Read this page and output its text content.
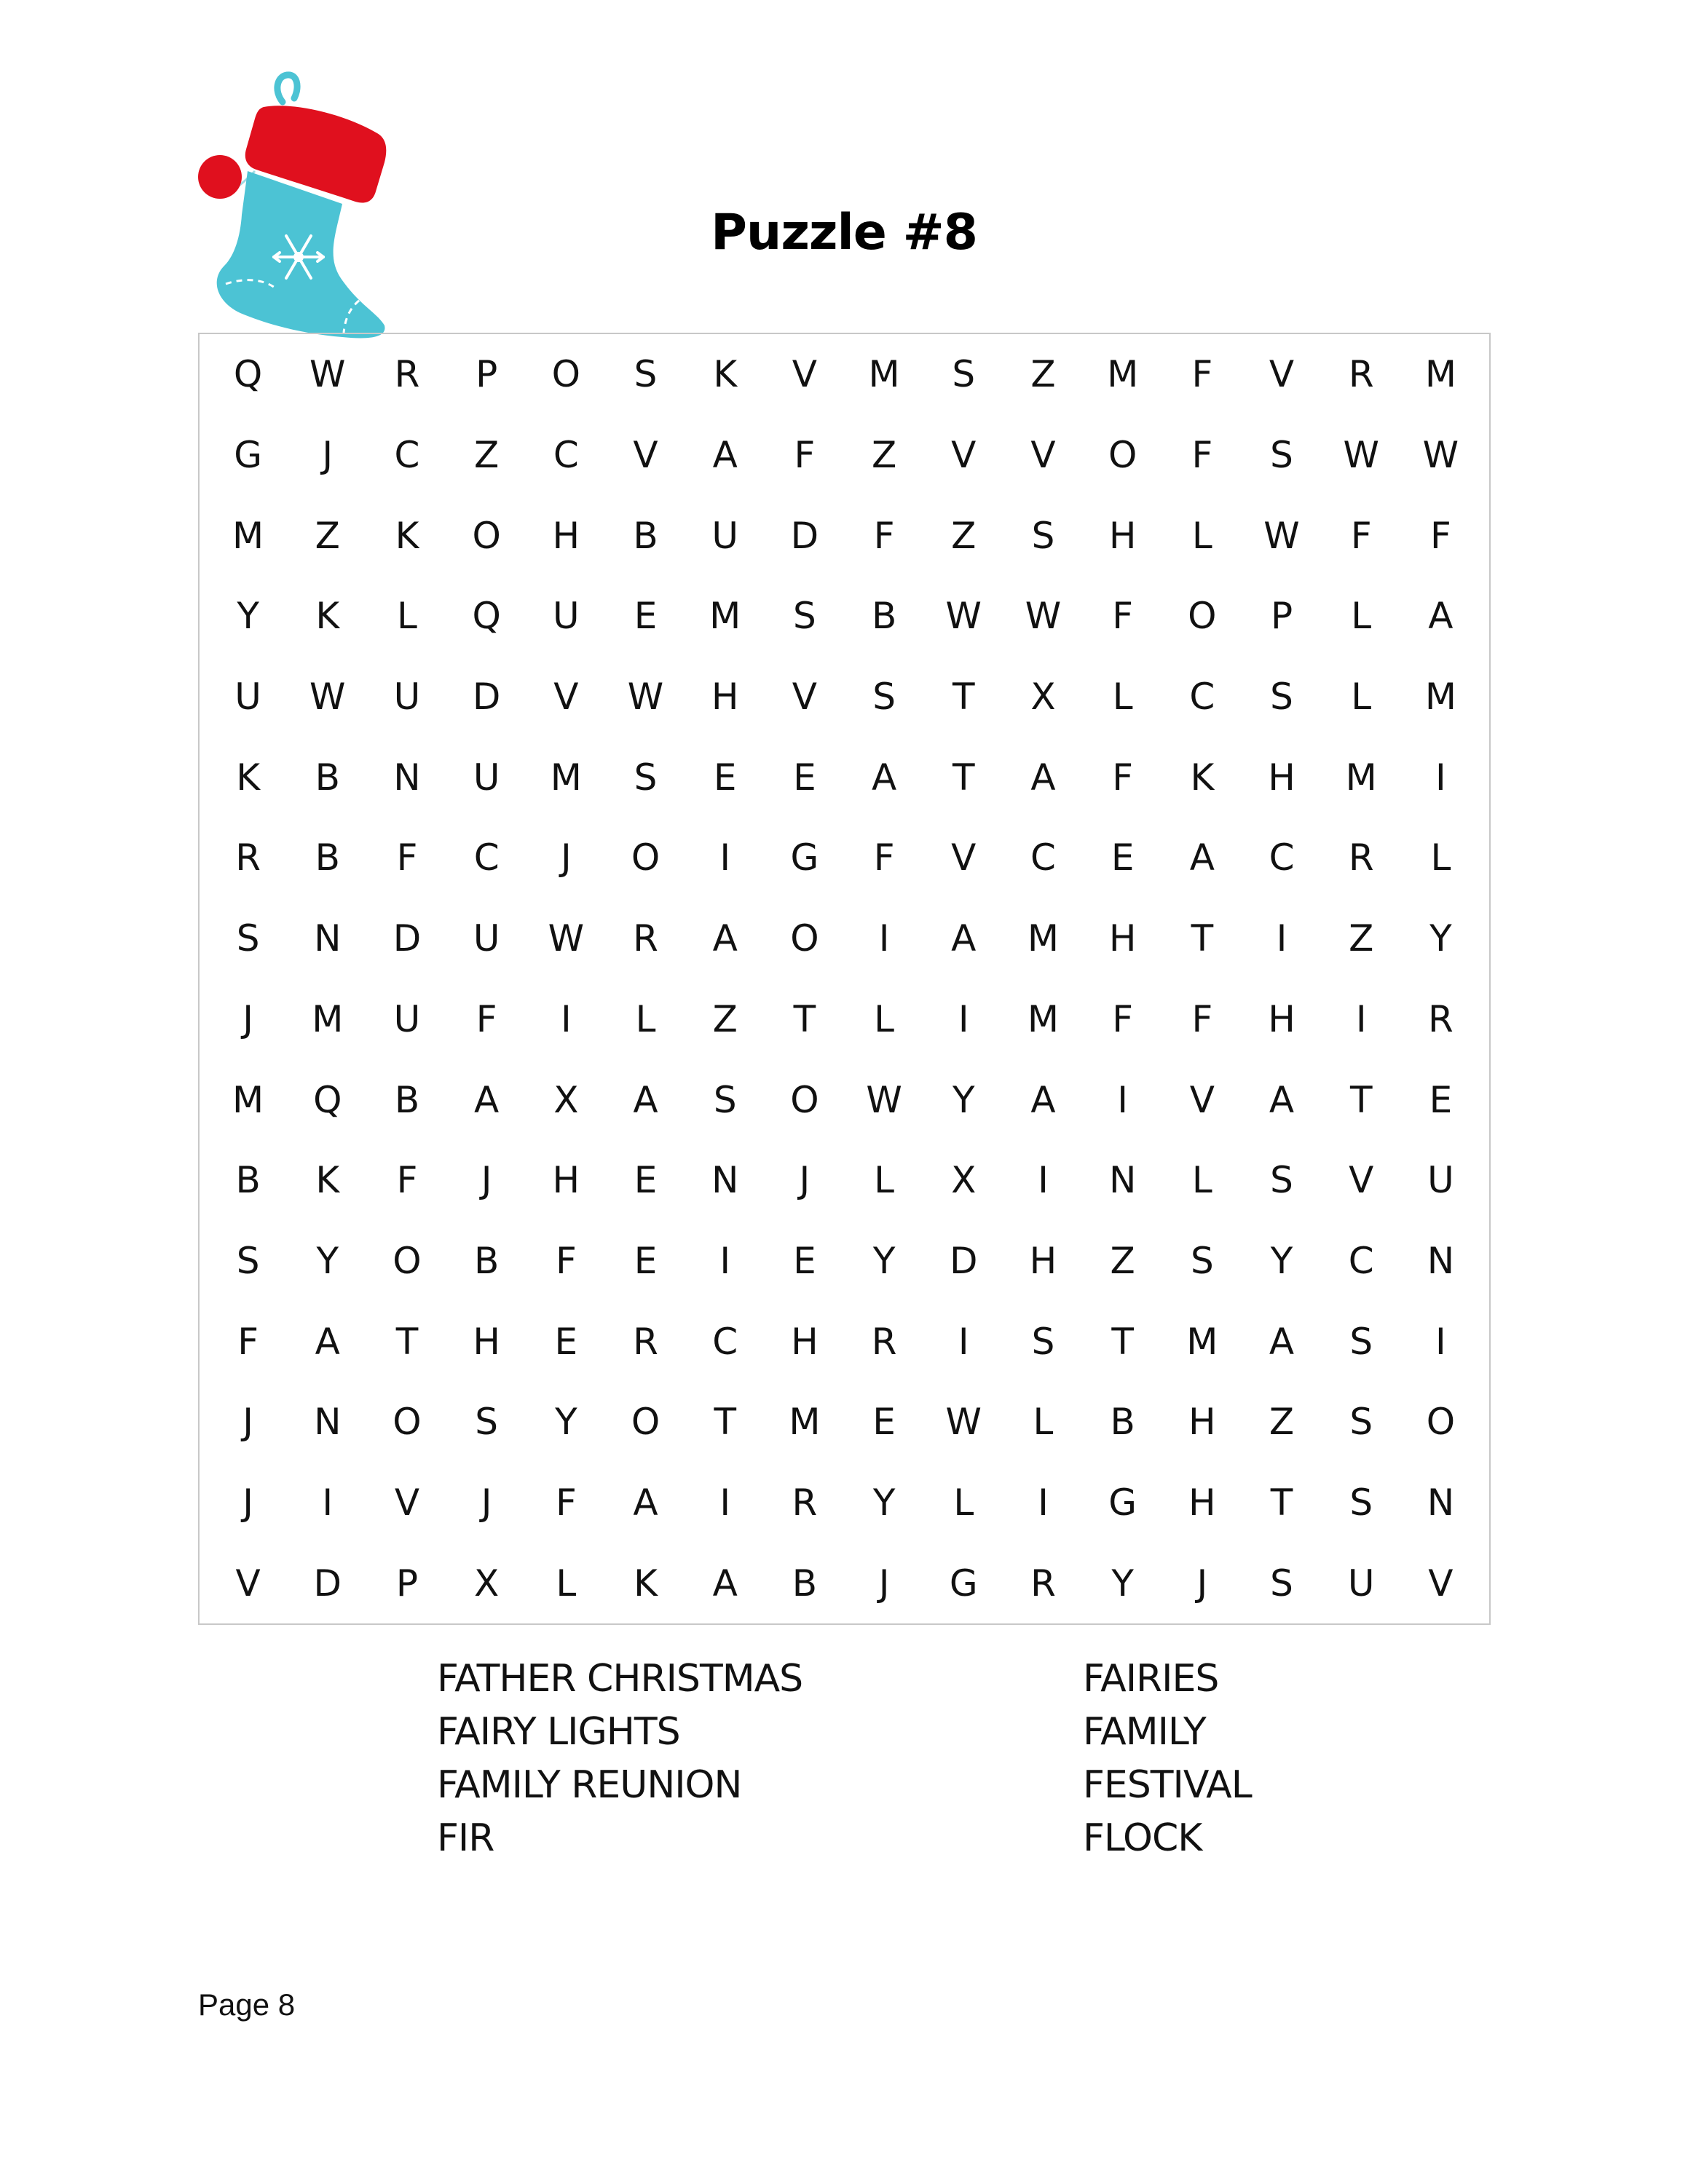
Puzzle #8
Q	W	R	P	O	S	K	V	M	S	Z	M	F	V	R	M
G	J	C	Z	C	V	A	F	Z	V	V	O	F	S	W	W
M	Z	K	O	H	B	U	D	F	Z	S	H	L	W	F	F
Y	K	L	Q	U	E	M	S	B	W	W	F	O	P	L	A
U	W	U	D	V	W	H	V	S	T	X	L	C	S	L	M
K	B	N	U	M	S	E	E	A	T	A	F	K	H	M	I
R	B	F	C	J	O	I	G	F	V	C	E	A	C	R	L
S	N	D	U	W	R	A	O	I	A	M	H	T	I	Z	Y
J	M	U	F	I	L	Z	T	L	I	M	F	F	H	I	R
M	Q	B	A	X	A	S	O	W	Y	A	I	V	A	T	E
B	K	F	J	H	E	N	J	L	X	I	N	L	S	V	U
S	Y	O	B	F	E	I	E	Y	D	H	Z	S	Y	C	N
F	A	T	H	E	R	C	H	R	I	S	T	M	A	S	I
J	N	O	S	Y	O	T	M	E	W	L	B	H	Z	S	O
J	I	V	J	F	A	I	R	Y	L	I	G	H	T	S	N
V	D	P	X	L	K	A	B	J	G	R	Y	J	S	U	V
FATHER CHRISTMAS
FAIRY LIGHTS
FAMILY REUNION
FIR
FAIRIES
FAMILY
FESTIVAL
FLOCK
Page 8
